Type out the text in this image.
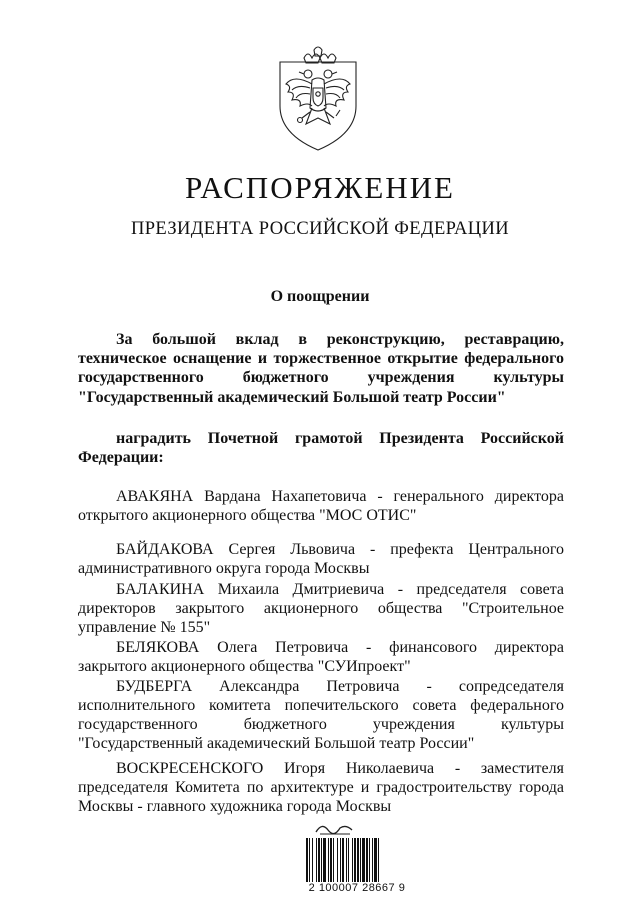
РАСПОРЯЖЕНИЕ
ПРЕЗИДЕНТА РОССИЙСКОЙ ФЕДЕРАЦИИ
О поощрении
За большой вклад в реконструкцию, реставрацию, техническое оснащение и торжественное открытие федерального государственного бюджетного учреждения культуры "Государственный академический Большой театр России"
наградить Почетной грамотой Президента Российской Федерации:
АВАКЯНА Вардана Нахапетовича - генерального директора открытого акционерного общества "МОС ОТИС"
БАЙДАКОВА Сергея Львовича - префекта Центрального административного округа города Москвы
БАЛАКИНА Михаила Дмитриевича - председателя совета директоров закрытого акционерного общества "Строительное управление № 155"
БЕЛЯКОВА Олега Петровича - финансового директора закрытого акционерного общества "СУИпроект"
БУДБЕРГА Александра Петровича - сопредседателя исполнительного комитета попечительского совета федерального государственного бюджетного учреждения культуры "Государственный академический Большой театр России"
ВОСКРЕСЕНСКОГО Игоря Николаевича - заместителя председателя Комитета по архитектуре и градостроительству города Москвы - главного художника города Москвы
2 100007 28667 9
